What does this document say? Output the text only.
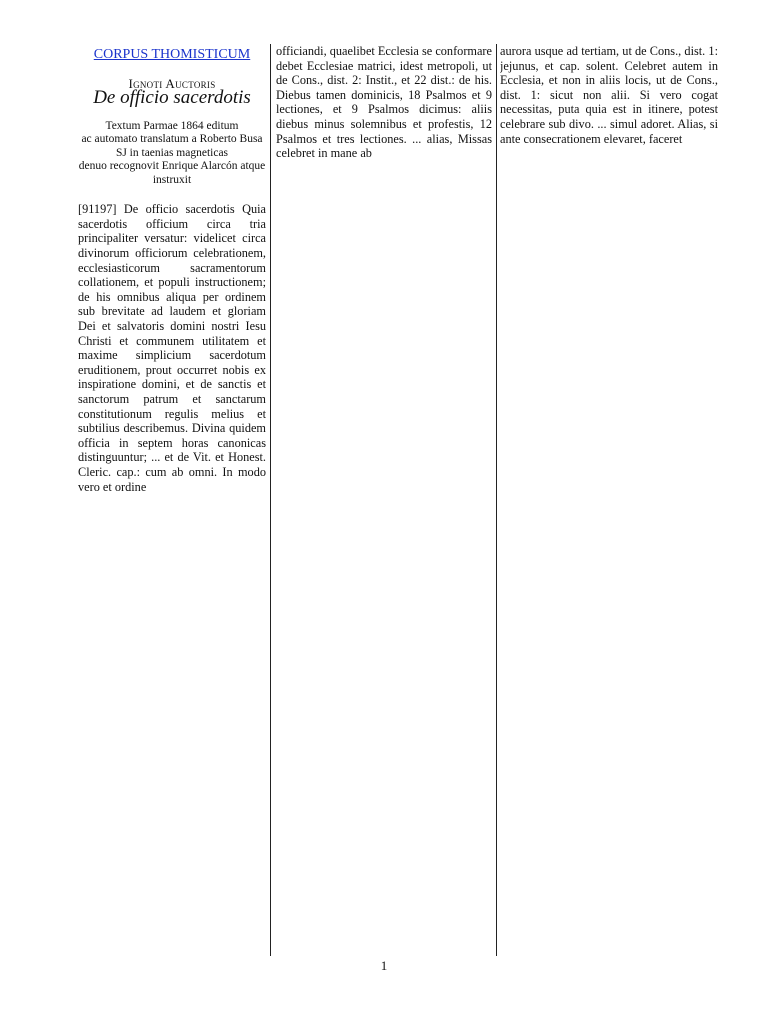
CORPUS THOMISTICUM
Ignoti Auctoris
De officio sacerdotis
Textum Parmae 1864 editum
ac automato translatum a Roberto Busa SJ in taenias magneticas
denuo recognovit Enrique Alarcón atque instruxit

[91197] De officio sacerdotis Quia sacerdotis officium circa tria principaliter versatur: videlicet circa divinorum officiorum celebrationem, ecclesiasticorum sacramentorum collationem, et populi instructionem; de his omnibus aliqua per ordinem sub brevitate ad laudem et gloriam Dei et salvatoris domini nostri Iesu Christi et communem utilitatem et maxime simplicium sacerdotum eruditionem, prout occurret nobis ex inspiratione domini, et de sanctis et sanctorum patrum et sanctarum constitutionum regulis melius et subtilius describemus. Divina quidem officia in septem horas canonicas distinguuntur; ... et de Vit. et Honest. Cleric. cap.: cum ab omni. In modo vero et ordine

officiandi, quaelibet Ecclesia se conformare debet Ecclesiae matrici, idest metropoli, ut de Cons., dist. 2: Instit., et 22 dist.: de his. Diebus tamen dominicis, 18 Psalmos et 9 lectiones, et 9 Psalmos dicimus: aliis diebus minus solemnibus et profestis, 12 Psalmos et tres lectiones. ... alias, Missas celebret in mane ab

aurora usque ad tertiam, ut de Cons., dist. 1: jejunus, et cap. solent. Celebret autem in Ecclesia, et non in aliis locis, ut de Cons., dist. 1: sicut non alii. Si vero cogat necessitas, puta quia est in itinere, potest celebrare sub divo. ... simul adoret. Alias, si ante consecrationem elevaret, faceret

1
